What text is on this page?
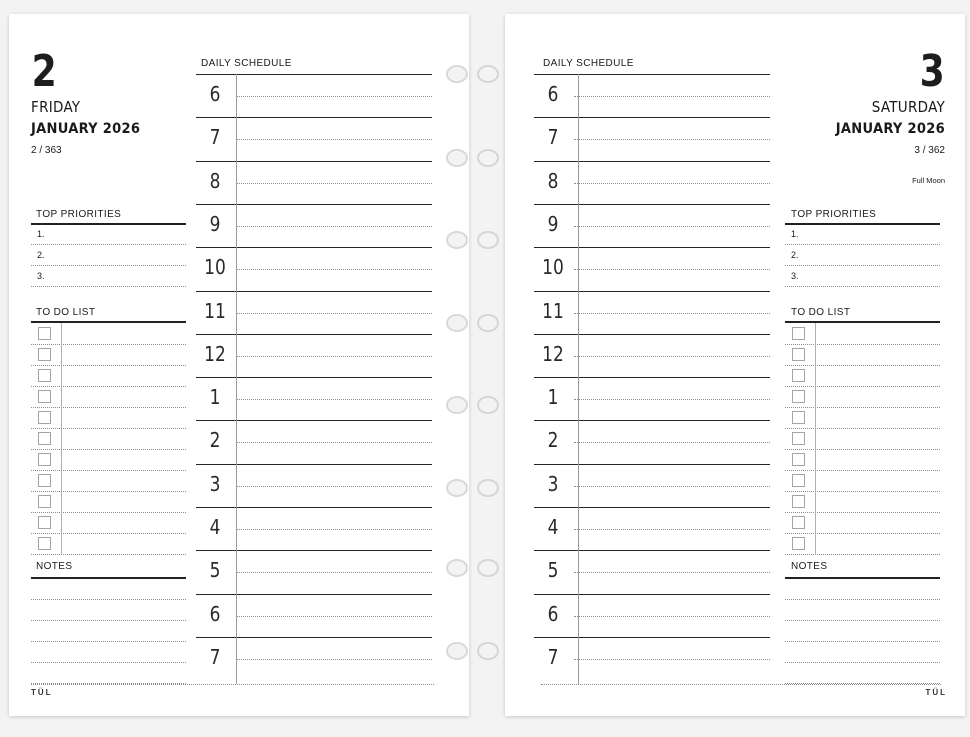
2
FRIDAY
JANUARY 2026
2 / 363
TOP PRIORITIES
1.
2.
3.
TO DO LIST
NOTES
DAILY SCHEDULE
6
7
8
9
10
11
12
1
2
3
4
5
6
7
TÜL
3
SATURDAY
JANUARY 2026
3 / 362
Full Moon
TOP PRIORITIES
1.
2.
3.
TO DO LIST
NOTES
DAILY SCHEDULE
6
7
8
9
10
11
12
1
2
3
4
5
6
7
TÜL
